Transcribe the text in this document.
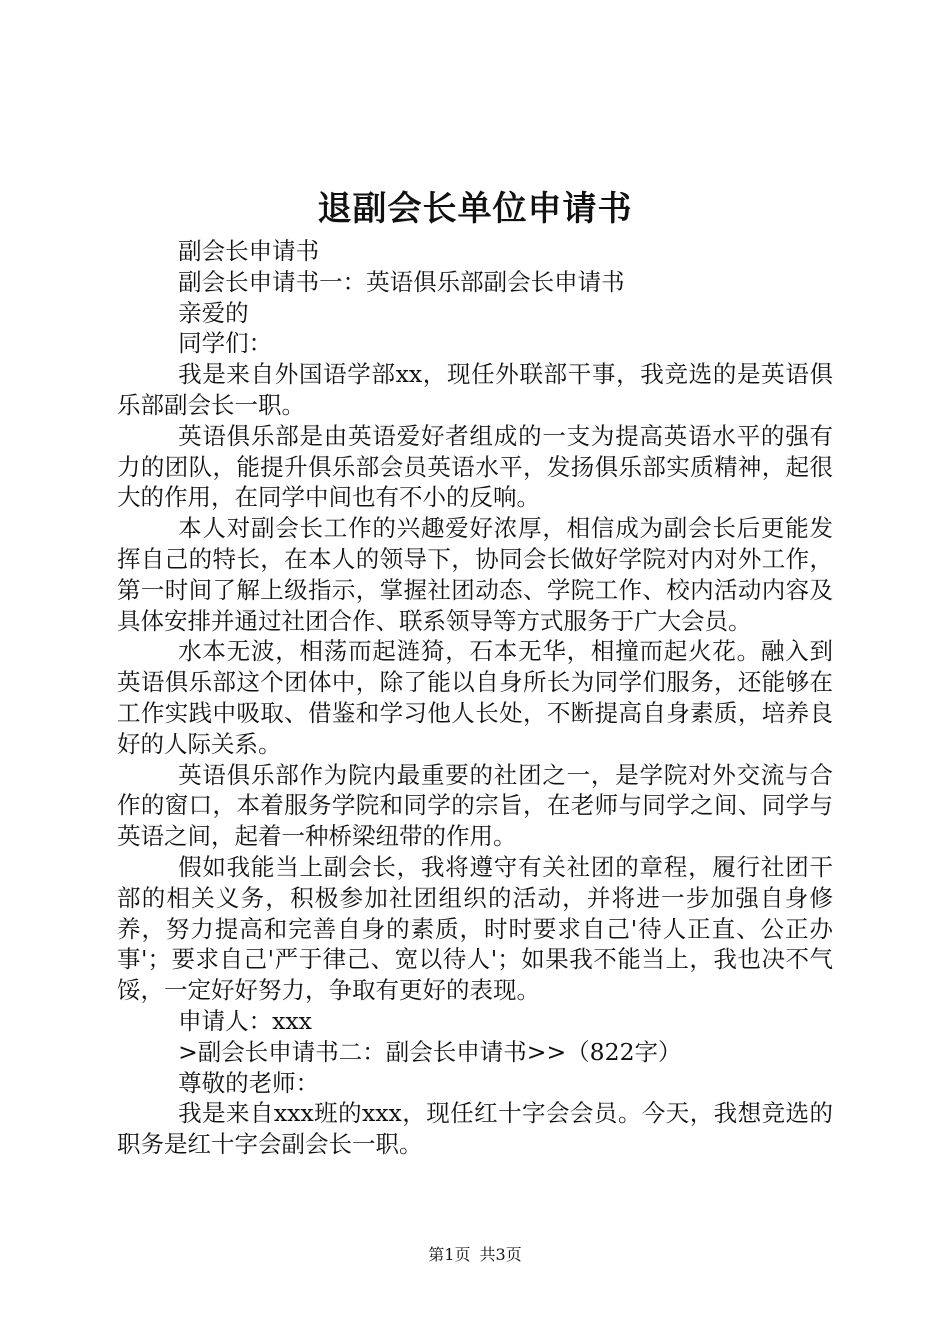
退副会长单位申请书

副会长申请书

副会长申请书一：英语俱乐部副会长申请书

亲爱的

同学们：

我是来自外国语学部xx，现任外联部干事，我竞选的是英语俱乐部副会长一职。

英语俱乐部是由英语爱好者组成的一支为提高英语水平的强有力的团队，能提升俱乐部会员英语水平，发扬俱乐部实质精神，起很大的作用，在同学中间也有不小的反响。

本人对副会长工作的兴趣爱好浓厚，相信成为副会长后更能发挥自己的特长，在本人的领导下，协同会长做好学院对内对外工作，第一时间了解上级指示，掌握社团动态、学院工作、校内活动内容及具体安排并通过社团合作、联系领导等方式服务于广大会员。

水本无波，相荡而起涟猗，石本无华，相撞而起火花。融入到英语俱乐部这个团体中，除了能以自身所长为同学们服务，还能够在工作实践中吸取、借鉴和学习他人长处，不断提高自身素质，培养良好的人际关系。

英语俱乐部作为院内最重要的社团之一，是学院对外交流与合作的窗口，本着服务学院和同学的宗旨，在老师与同学之间、同学与英语之间，起着一种桥梁纽带的作用。

假如我能当上副会长，我将遵守有关社团的章程，履行社团干部的相关义务，积极参加社团组织的活动，并将进一步加强自身修养，努力提高和完善自身的素质，时时要求自己'待人正直、公正办事'；要求自己'严于律己、宽以待人'；如果我不能当上，我也决不气馁，一定好好努力，争取有更好的表现。

申请人：xxx

>副会长申请书二：副会长申请书>>（822字）

尊敬的老师：

我是来自xxx班的xxx，现任红十字会会员。今天，我想竞选的职务是红十字会副会长一职。

第1页 共3页
